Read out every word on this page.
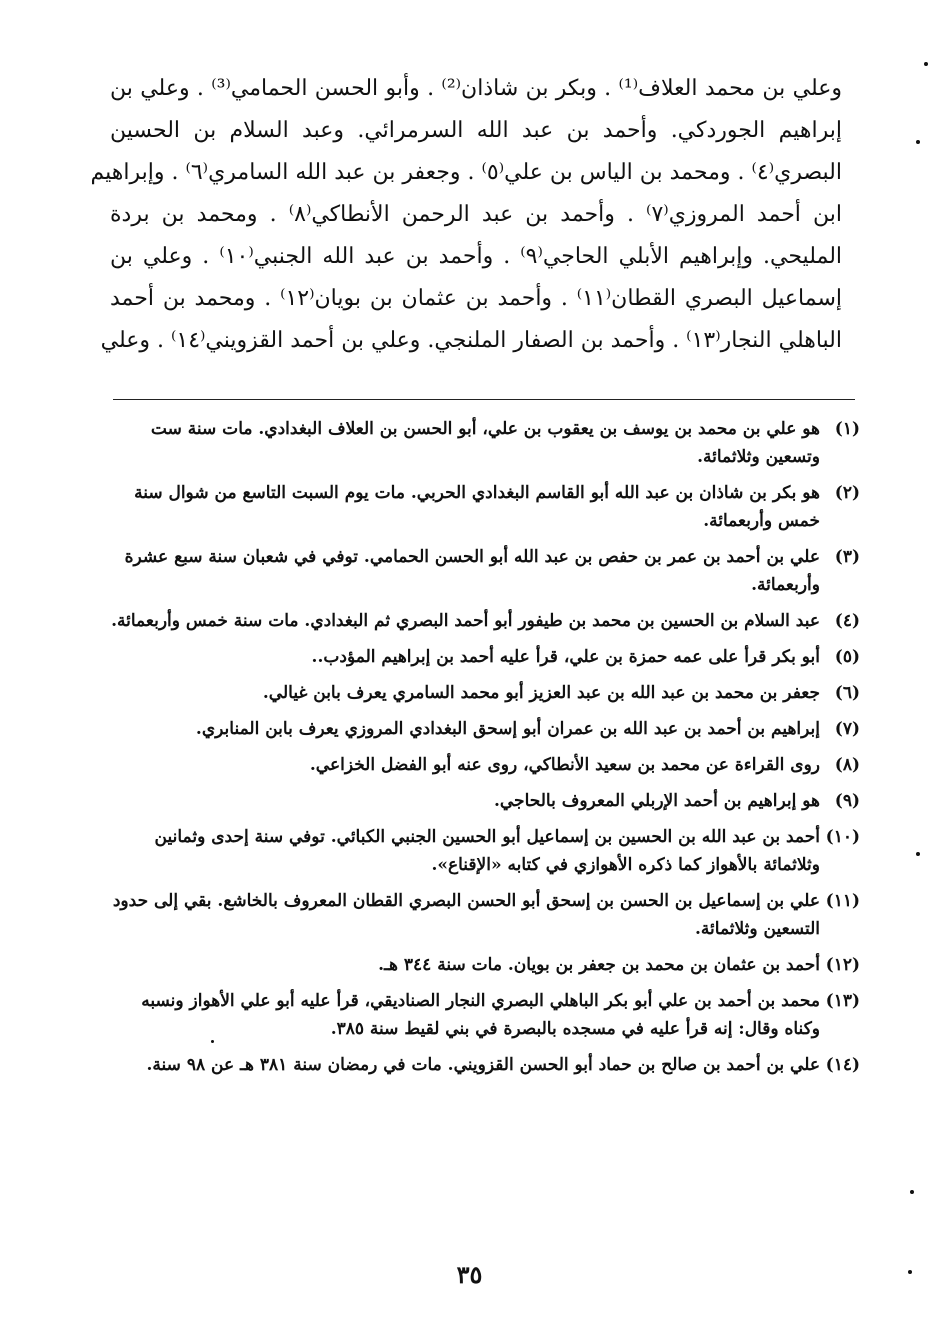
وعلي بن محمد العلاف⁽¹⁾ . وبكر بن شاذان⁽²⁾ . وأبو الحسن الحمامي⁽³⁾ . وعلي بن
إبراهيم الجوردكي. وأحمد بن عبد الله السرمرائي. وعبد السلام بن الحسين
البصري⁽٤⁾ . ومحمد بن الياس بن علي⁽٥⁾ . وجعفر بن عبد الله السامري⁽٦⁾ . وإبراهيم
ابن أحمد المروزي⁽٧⁾ . وأحمد بن عبد الرحمن الأنطاكي⁽٨⁾ . ومحمد بن بردة
المليحي. وإبراهيم الأبلي الحاجي⁽٩⁾ . وأحمد بن عبد الله الجنبي⁽١٠⁾ . وعلي بن
إسماعيل البصري القطان⁽١١⁾ . وأحمد بن عثمان بن بويان⁽١٢⁾ . ومحمد بن أحمد
الباهلي النجار⁽١٣⁾ . وأحمد بن الصفار الملنجي. وعلي بن أحمد القزويني⁽١٤⁾ . وعلي
(١)
هو علي بن محمد بن يوسف بن يعقوب بن علي، أبو الحسن بن العلاف البغدادي. مات سنة ست وتسعين وثلاثمائة.
(٢)
هو بكر بن شاذان بن عبد الله أبو القاسم البغدادي الحربي. مات يوم السبت التاسع من شوال سنة خمس وأربعمائة.
(٣)
علي بن أحمد بن عمر بن حفص بن عبد الله أبو الحسن الحمامي. توفي في شعبان سنة سبع عشرة وأربعمائة.
(٤)
عبد السلام بن الحسين بن محمد بن طيفور أبو أحمد البصري ثم البغدادي. مات سنة خمس وأربعمائة.
(٥)
أبو بكر قرأ على عمه حمزة بن علي، قرأ عليه أحمد بن إبراهيم المؤدب..
(٦)
جعفر بن محمد بن عبد الله بن عبد العزيز أبو محمد السامري يعرف بابن غيالي.
(٧)
إبراهيم بن أحمد بن عبد الله بن عمران أبو إسحق البغدادي المروزي يعرف بابن المنابري.
(٨)
روى القراءة عن محمد بن سعيد الأنطاكي، روى عنه أبو الفضل الخزاعي.
(٩)
هو إبراهيم بن أحمد الإربلي المعروف بالحاجي.
(١٠)
أحمد بن عبد الله بن الحسين بن إسماعيل أبو الحسين الجنبي الكبائي. توفي سنة إحدى وثمانين وثلاثمائة بالأهواز كما ذكره الأهوازي في كتابه «الإقناع».
(١١)
علي بن إسماعيل بن الحسن بن إسحق أبو الحسن البصري القطان المعروف بالخاشع. بقي إلى حدود التسعين وثلاثمائة.
(١٢)
أحمد بن عثمان بن محمد بن جعفر بن بويان. مات سنة ٣٤٤ هـ.
(١٣)
محمد بن أحمد بن علي أبو بكر الباهلي البصري النجار الصناديقي، قرأ عليه أبو علي الأهواز ونسبه وكناه وقال: إنه قرأ عليه في مسجده بالبصرة في بني لقيط سنة ٣٨٥.
(١٤)
علي بن أحمد بن صالح بن حماد أبو الحسن القزويني. مات في رمضان سنة ٣٨١ هـ عن ٩٨ سنة.
٣٥
